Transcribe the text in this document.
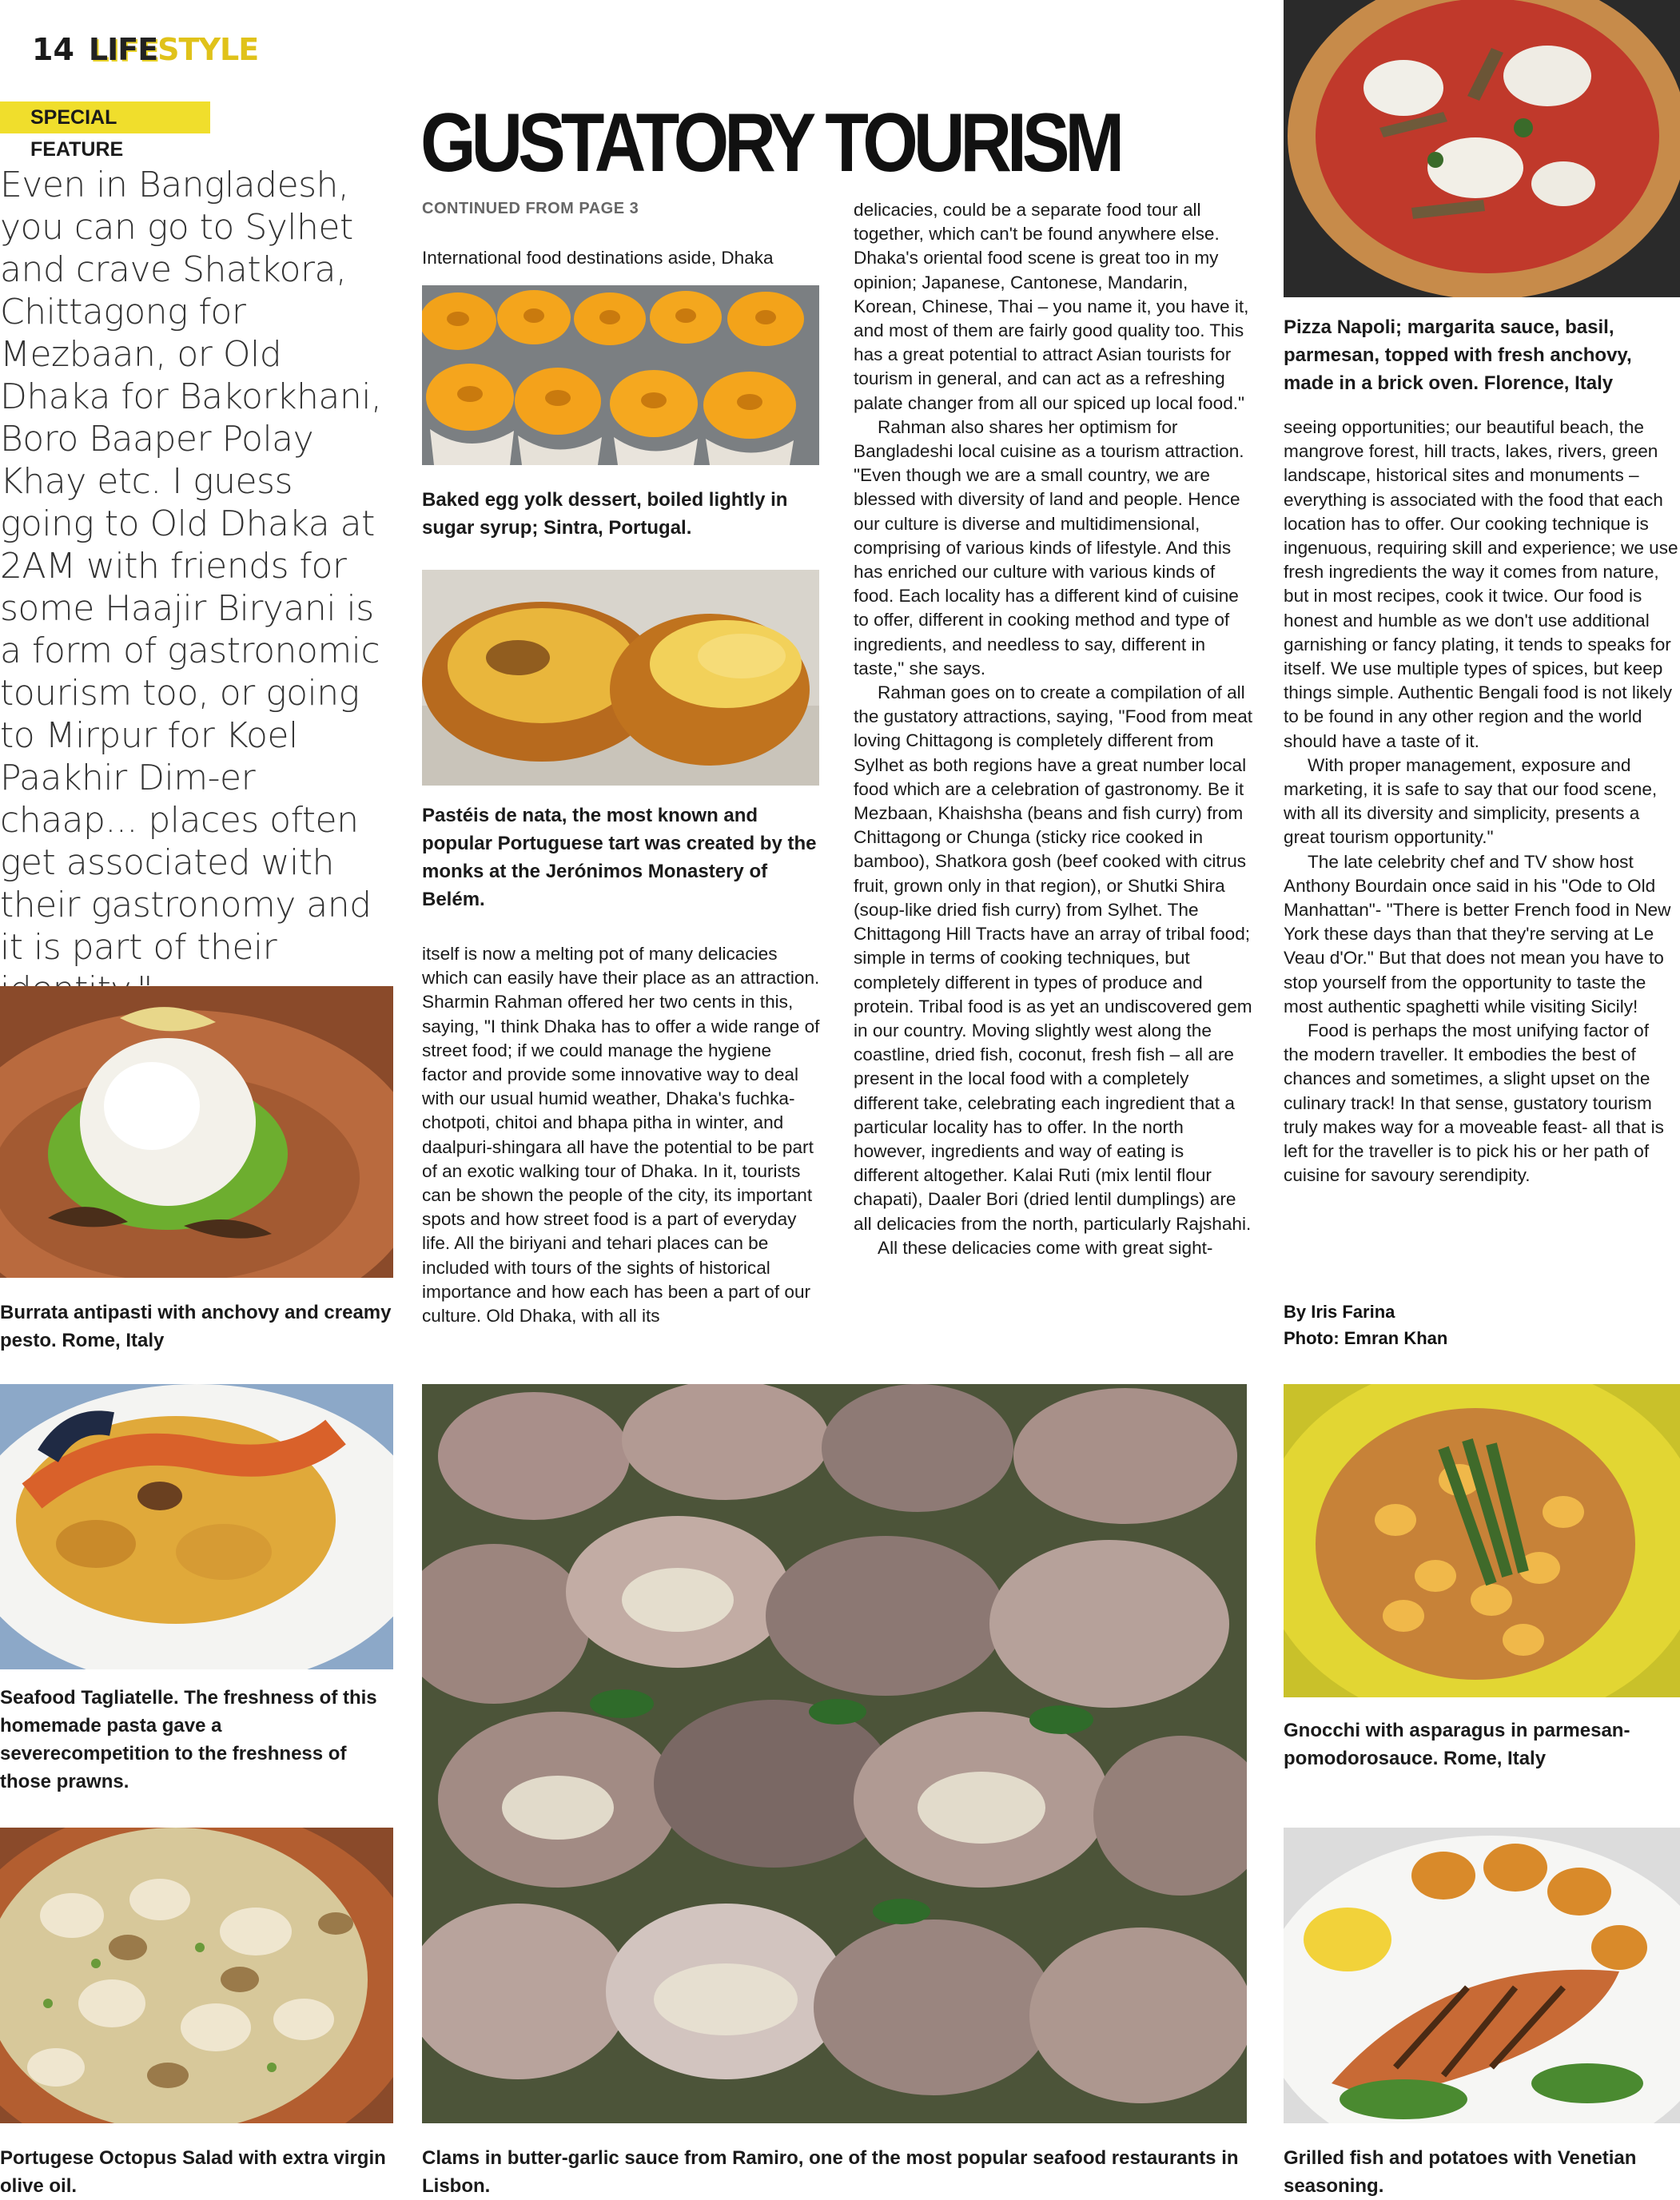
14 LIFESTYLE
SPECIAL FEATURE	GUSTATORY TOURISM
Even in Bangladesh, you can go to Sylhet and crave Shatkora, Chittagong for Mezbaan, or Old Dhaka for Bakorkhani, Boro Baaper Polay Khay etc. I guess going to Old Dhaka at 2AM with friends for some Haajir Biryani is a form of gastronomic tourism too, or going to Mirpur for Koel Paakhir Dim-er chaap... places often get associated with their gastronomy and it is part of their
CONTINUED FROM PAGE 3

International food destinations aside, Dhaka

Baked egg yolk dessert, boiled lightly in sugar syrup; Sintra, Portugal.
Pastéis de nata, the most known and popular Portuguese tart was created by the monks at the Jerónimos Monastery of Belém.

itself is now a melting pot of many delicacies which can easily have their place as an attraction. Sharmin Rahman offered her two cents in this, saying, "I think Dhaka has to offer a wide range of street food; if we could manage the hygiene factor and provide some innovative way to deal with our usual humid weather, Dhaka's fuchka-chotpoti, chitoi and bhapa pitha in winter, and daalpuri-shingara all have the potential to be part of an exotic walking tour of Dhaka. In it, tourists can be shown the people of the city, its important spots and how street food is a part of everyday life. All the biriyani and tehari places can be included with tours of the sights of historical importance and how each has been a part of our culture. Old Dhaka, with all its

delicacies, could be a separate food tour all together, which can't be found anywhere else. Dhaka's oriental food scene is great too in my opinion; Japanese, Cantonese, Mandarin, Korean, Chinese, Thai – you name it, you have it, and most of them are fairly good quality too. This has a great potential to attract Asian tourists for tourism in general, and can act as a refreshing palate changer from all our spiced up local food."

Rahman also shares her optimism for Bangladeshi local cuisine as a tourism attraction. "Even though we are a small country, we are blessed with diversity of land and people. Hence our culture is diverse and multidimensional, comprising of various kinds of lifestyle. And this has enriched our culture with various kinds of food. Each locality has a different kind of cuisine to offer, different in cooking method and type of ingredients, and needless to say, different in taste," she says.

Rahman goes on to create a compilation of all the gustatory attractions, saying, "Food from meat loving Chittagong is completely different from Sylhet as both regions have a great number local food which are a celebration of gastronomy. Be it Mezbaan, Khaishsha (beans and fish curry) from Chittagong or Chunga (sticky rice cooked in bamboo), Shatkora gosh (beef cooked with citrus fruit, grown only in that region), or Shutki Shira (soup-like dried fish curry) from Sylhet. The Chittagong Hill Tracts have an array of tribal food; simple in terms of cooking techniques, but completely different in types of produce and protein. Tribal food is as yet an undiscovered gem in our country. Moving slightly west along the coastline, dried fish, coconut, fresh fish – all are present in the local food with a completely different take, celebrating each ingredient that a particular locality has to offer. In the north however, ingredients and way of eating is different altogether. Kalai Ruti (mix lentil flour chapati), Daaler Bori (dried lentil dumplings) are all delicacies from the north, particularly Rajshahi.

All these delicacies come with great sight-

Pizza Napoli; margarita sauce, basil, parmesan, topped with fresh anchovy, made in a brick oven. Florence, Italy

seeing opportunities; our beautiful beach, the mangrove forest, hill tracts, lakes, rivers, green landscape, historical sites and monuments – everything is associated with the food that each location has to offer. Our cooking technique is ingenuous, requiring skill and experience; we use fresh ingredients the way it comes from nature, but in most recipes, cook it twice. Our food is honest and humble as we don't use additional garnishing or fancy plating, it tends to speaks for itself. We use multiple types of spices, but keep things simple. Authentic Bengali food is not likely to be found in any other region and the world should have a taste of it.

With proper management, exposure and marketing, it is safe to say that our food scene, with all its diversity and simplicity, presents a great tourism opportunity."

The late celebrity chef and TV show host Anthony Bourdain once said in his "Ode to Old Manhattan"- "There is better French food in New York these days than that they're serving at Le Veau d'Or." But that does not mean you have to stop yourself from the opportunity to taste the most authentic spaghetti while visiting Sicily!

Food is perhaps the most unifying factor of the modern traveller. It embodies the best of chances and sometimes, a slight upset on the culinary track! In that sense, gustatory tourism truly makes way for a moveable feast- all that is left for the traveller is to pick his or her path of cuisine for savoury serendipity.

By Iris Farina
Photo: Emran Khan
Burrata antipasti with anchovy and creamy pesto. Rome, Italy
Seafood Tagliatelle. The freshness of this homemade pasta gave a severecompetition to the freshness of those prawns.
Portugese Octopus Salad with extra virgin olive oil.
Clams in butter-garlic sauce from Ramiro, one of the most popular seafood restaurants in Lisbon.
Gnocchi with asparagus in parmesan-pomodorosauce. Rome, Italy
Grilled fish and potatoes with Venetian seasoning.
